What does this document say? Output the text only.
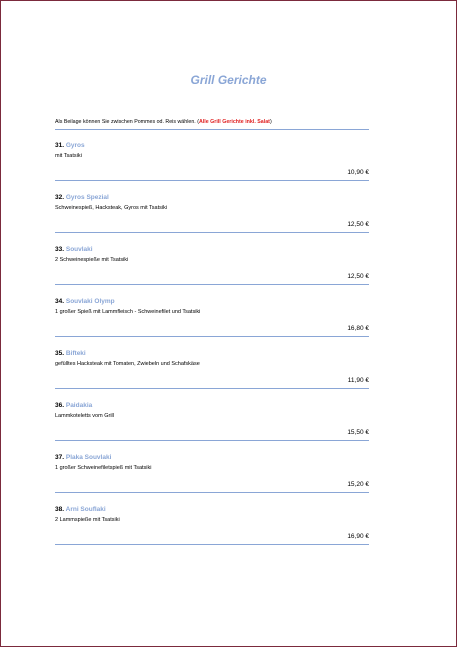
Grill Gerichte
Als Beilage können Sie zwischen Pommes od. Reis wählen. (Alle Grill Gerichte inkl. Salat)
31. Gyros
mit Tsatsiki
10,90 €
32. Gyros Spezial
Schweinespieß, Hacksteak, Gyros mit Tsatsiki
12,50 €
33. Souvlaki
2 Schweinespieße mit Tsatsiki
12,50 €
34. Souvlaki Olymp
1 großer Spieß mit Lammfleisch - Schweinefilet und Tsatsiki
16,80 €
35. Bifteki
gefülltes Hacksteak mit Tomaten, Zwiebeln und Schafskäse
11,90 €
36. Paidakia
Lammkoteletts vom Grill
15,50 €
37. Plaka Souvlaki
1 großer Schweinefiletspieß mit Tsatsiki
15,20 €
38. Arni Souflaki
2 Lammspieße mit Tsatsiki
16,90 €
